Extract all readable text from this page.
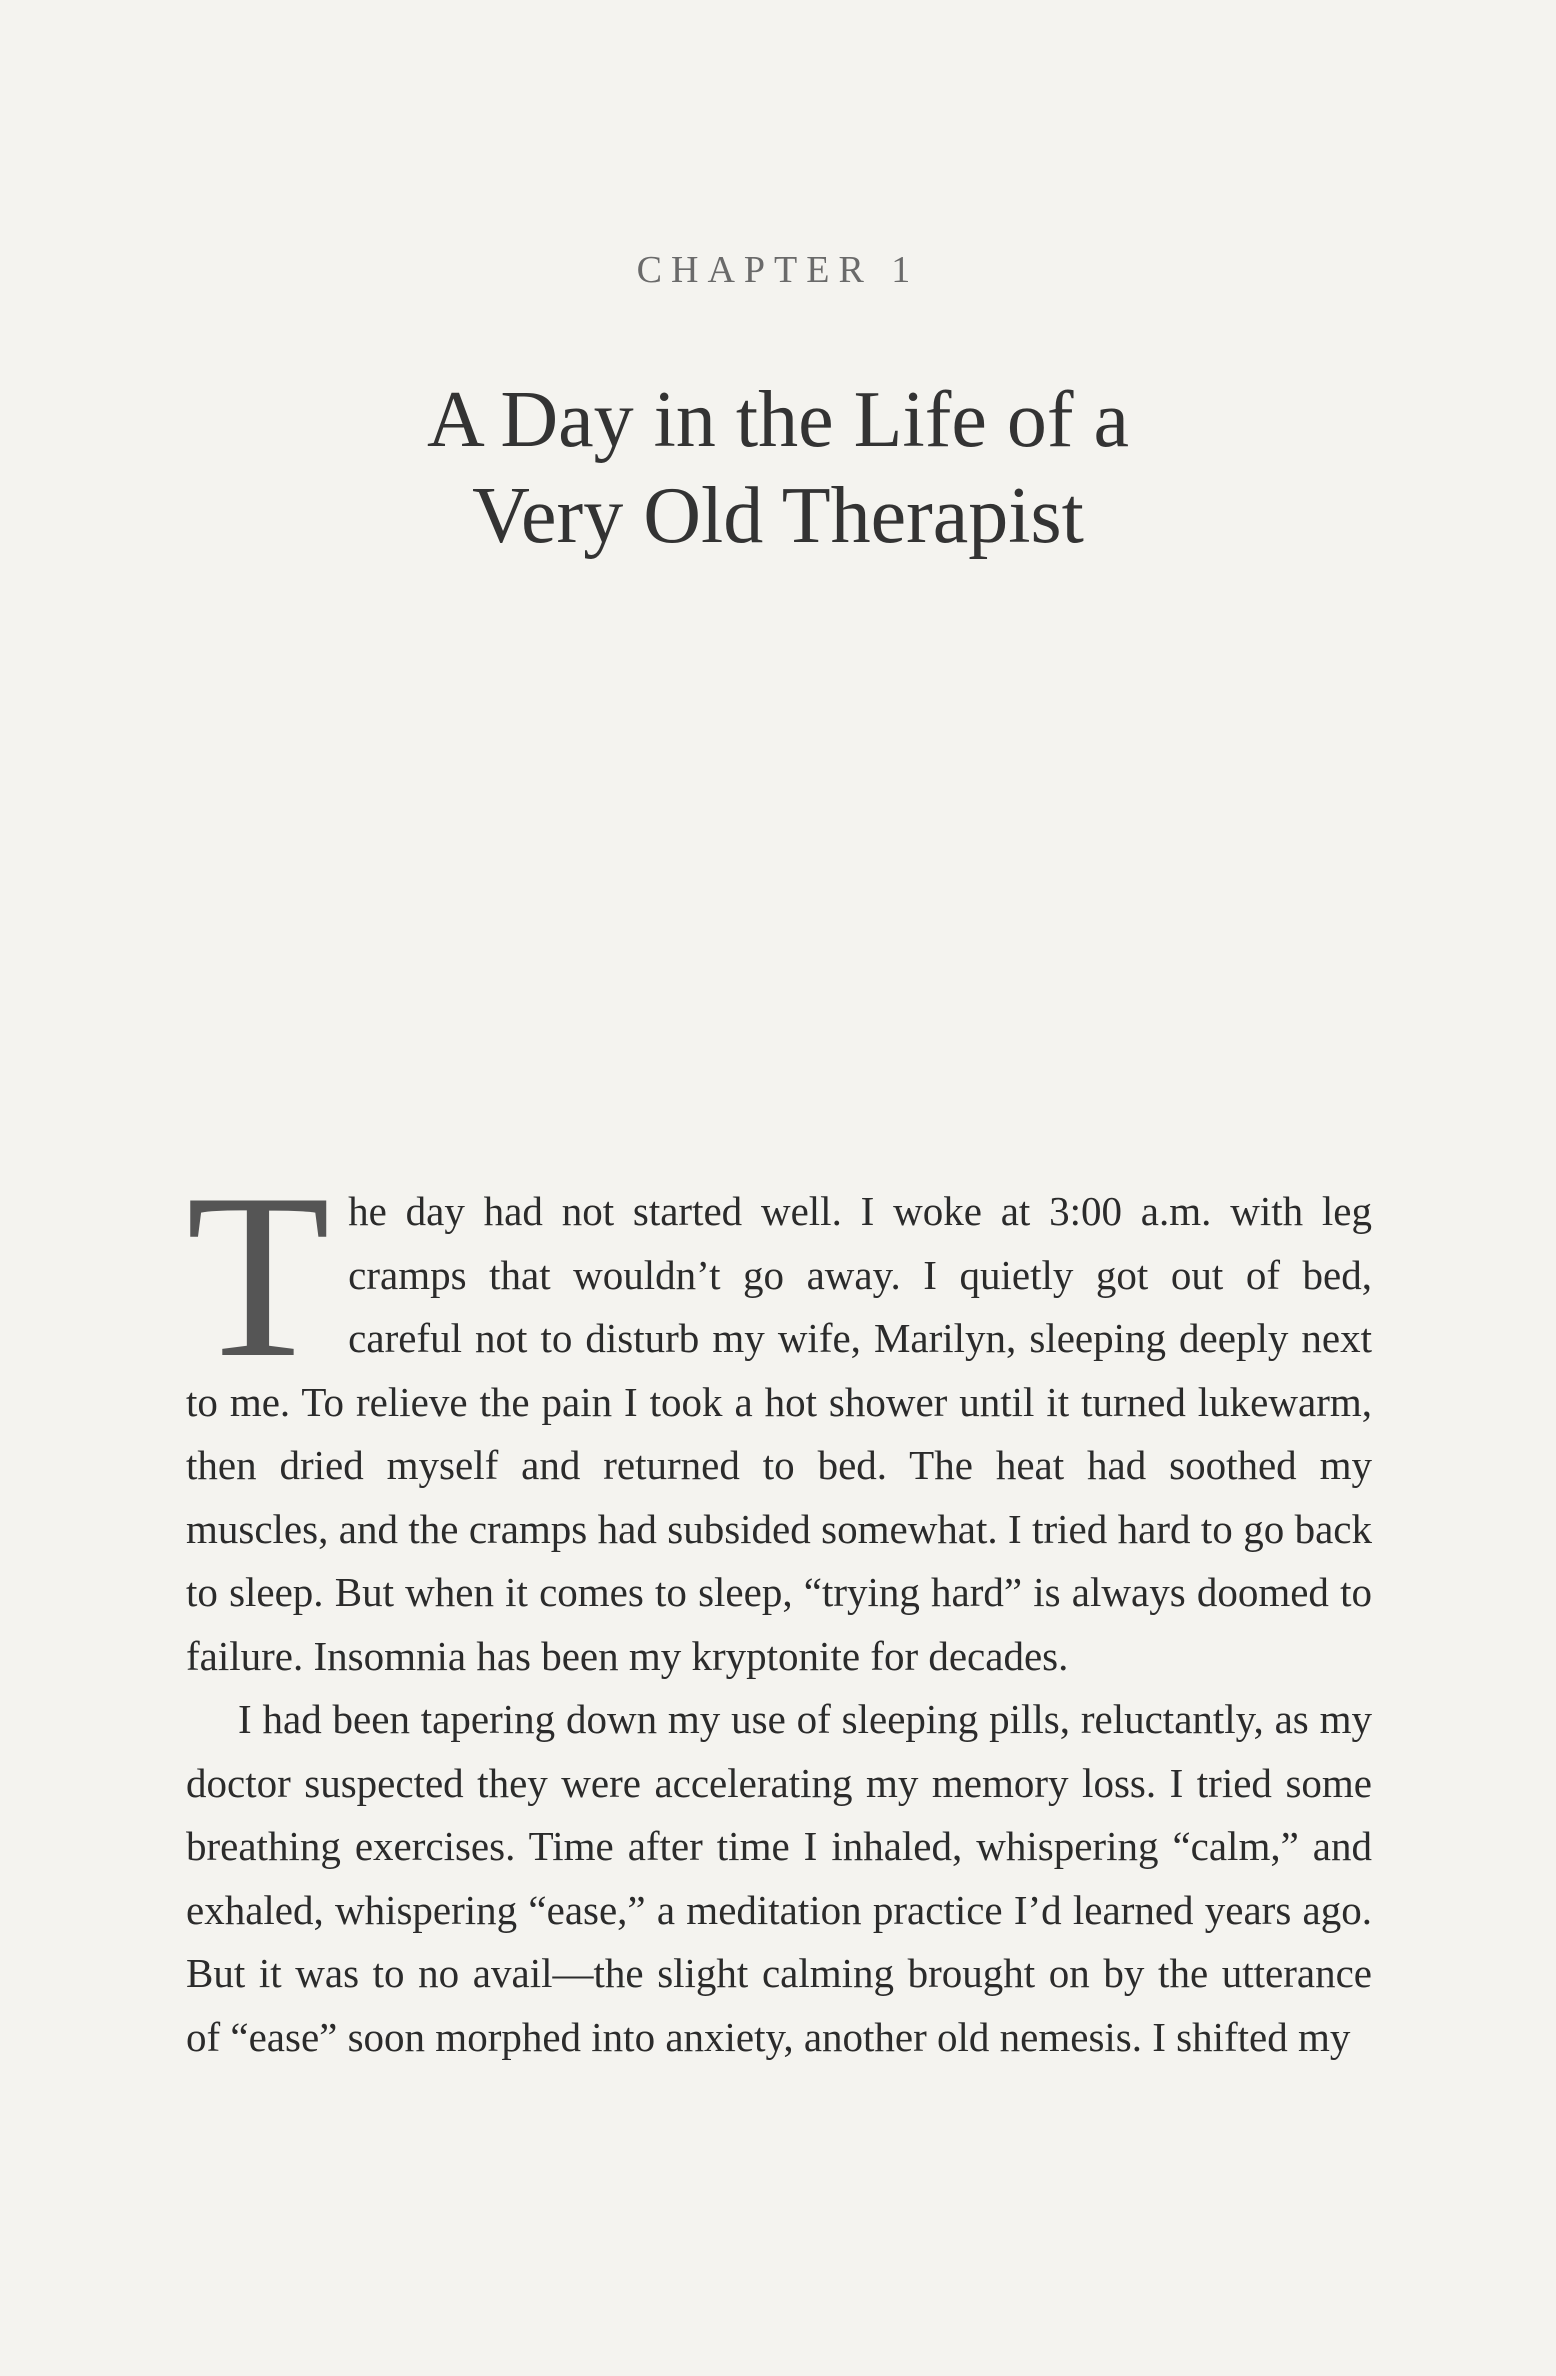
CHAPTER 1
A Day in the Life of a
Very Old Therapist

The day had not started well. I woke at 3:00 a.m. with leg cramps that wouldn’t go away. I quietly got out of bed, careful not to disturb my wife, Marilyn, sleeping deeply next to me. To relieve the pain I took a hot shower until it turned lukewarm, then dried myself and returned to bed. The heat had soothed my muscles, and the cramps had subsided somewhat. I tried hard to go back to sleep. But when it comes to sleep, “trying hard” is always doomed to failure. Insomnia has been my kryptonite for decades.

I had been tapering down my use of sleeping pills, reluctantly, as my doctor suspected they were accelerating my memory loss. I tried some breathing exercises. Time after time I inhaled, whispering “calm,” and exhaled, whispering “ease,” a meditation practice I’d learned years ago. But it was to no avail—the slight calming brought on by the utterance of “ease” soon morphed into anxiety, another old nemesis. I shifted my
